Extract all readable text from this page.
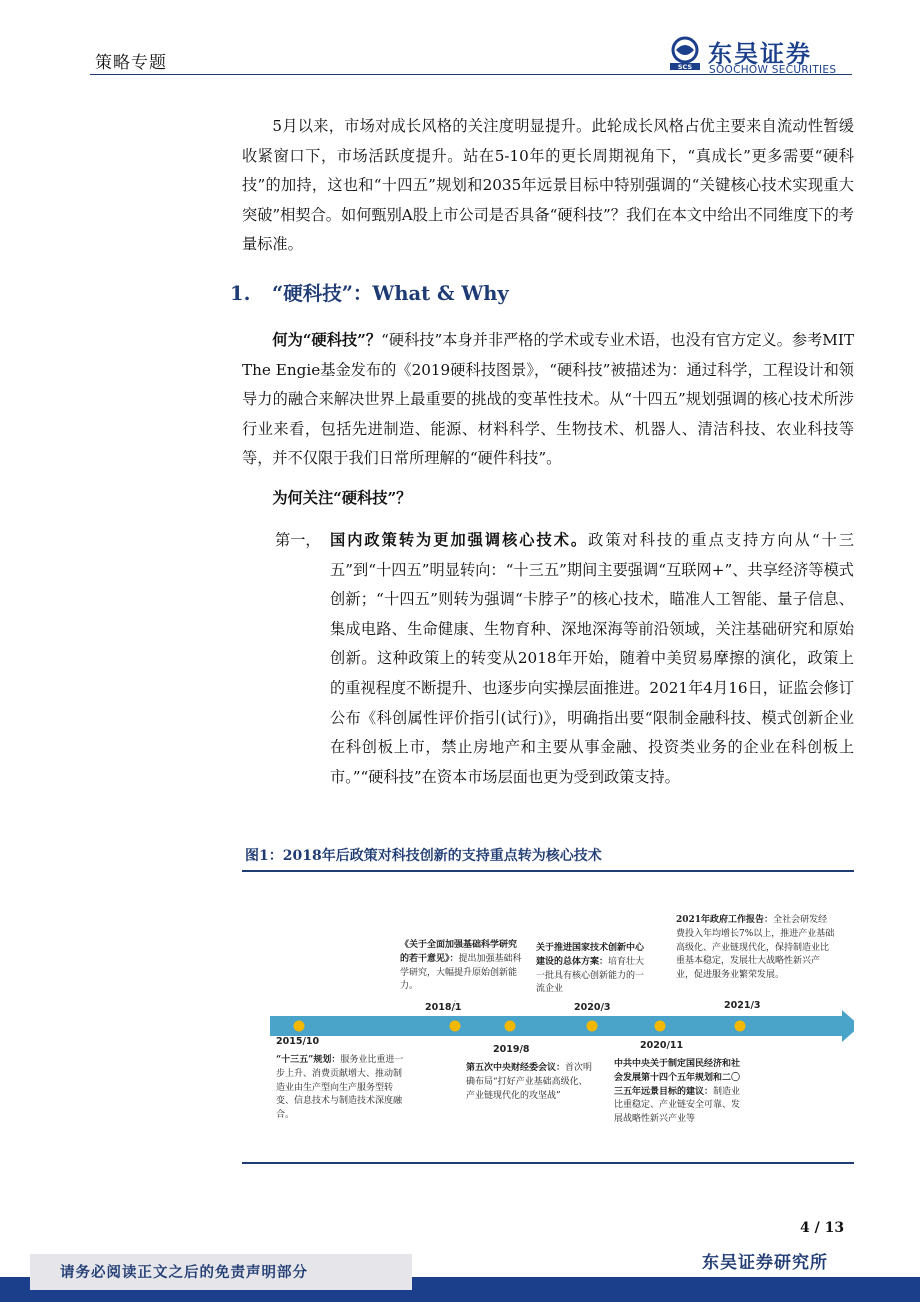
策略专题	SCS 东吴证券
SOOCHOW SECURITIES
5月以来，市场对成长风格的关注度明显提升。此轮成长风格占优主要来自流动性暂缓收紧窗口下，市场活跃度提升。站在5-10年的更长周期视角下，“真成长”更多需要“硬科技”的加持，这也和“十四五”规划和2035年远景目标中特别强调的“关键核心技术实现重大突破”相契合。如何甄别A股上市公司是否具备“硬科技”？我们在本文中给出不同维度下的考量标准。
1. “硬科技”：What & Why
何为“硬科技”？“硬科技”本身并非严格的学术或专业术语，也没有官方定义。参考MIT The Engie基金发布的《2019硬科技图景》，“硬科技”被描述为：通过科学，工程设计和领导力的融合来解决世界上最重要的挑战的变革性技术。从“十四五”规划强调的核心技术所涉行业来看，包括先进制造、能源、材料科学、生物技术、机器人、清洁科技、农业科技等等，并不仅限于我们日常所理解的“硬件科技”。
为何关注“硬科技”？
第一， 国内政策转为更加强调核心技术。政策对科技的重点支持方向从“十三五”到“十四五”明显转向：“十三五”期间主要强调“互联网+”、共享经济等模式创新；“十四五”则转为强调“卡脖子”的核心技术，瞄准人工智能、量子信息、集成电路、生命健康、生物育种、深地深海等前沿领域，关注基础研究和原始创新。这种政策上的转变从2018年开始，随着中美贸易摩擦的演化，政策上的重视程度不断提升、也逐步向实操层面推进。2021年4月16日，证监会修订公布《科创属性评价指引(试行)》，明确指出要“限制金融科技、模式创新企业在科创板上市，禁止房地产和主要从事金融、投资类业务的企业在科创板上市。”“硬科技”在资本市场层面也更为受到政策支持。
图1：2018年后政策对科技创新的支持重点转为核心技术
2015/10
2018/1
2019/8
2020/3
2020/11
2021/3
“十三五”规划：服务业比重进一步上升、消费贡献增大、推动制造业由生产型向生产服务型转变、信息技术与制造技术深度融合。
《关于全面加强基础科学研究的若干意见》：提出加强基础科学研究，大幅提升原始创新能力。
第五次中央财经委会议：首次明确布局“打好产业基础高级化、产业链现代化的攻坚战”
关于推进国家技术创新中心建设的总体方案：培育壮大一批具有核心创新能力的一流企业
中共中央关于制定国民经济和社会发展第十四个五年规划和二〇三五年远景目标的建议：制造业比重稳定、产业链安全可靠、发展战略性新兴产业等
2021年政府工作报告：全社会研发经费投入年均增长7%以上，推进产业基础高级化、产业链现代化，保持制造业比重基本稳定，发展壮大战略性新兴产业，促进服务业繁荣发展。
4 / 13
请务必阅读正文之后的免责声明部分	东吴证券研究所
